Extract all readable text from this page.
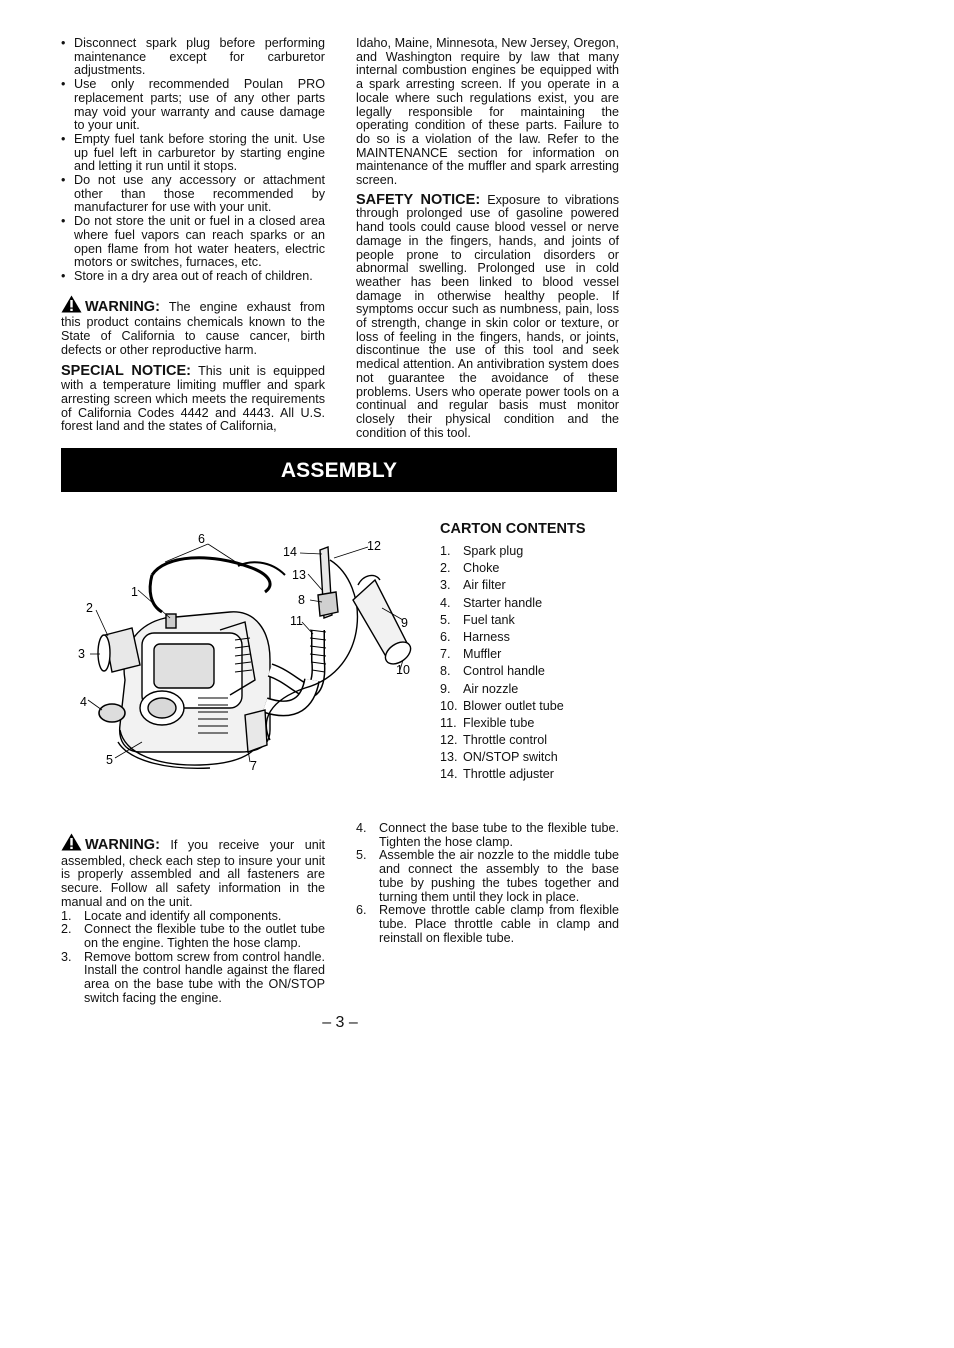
• Disconnect spark plug before performing maintenance except for carburetor adjustments.
• Use only recommended Poulan PRO replacement parts; use of any other parts may void your warranty and cause damage to your unit.
• Empty fuel tank before storing the unit. Use up fuel left in carburetor by starting engine and letting it run until it stops.
• Do not use any accessory or attachment other than those recommended by manufacturer for use with your unit.
• Do not store the unit or fuel in a closed area where fuel vapors can reach sparks or an open flame from hot water heaters, electric motors or switches, furnaces, etc.
• Store in a dry area out of reach of children.

WARNING: The engine exhaust from this product contains chemicals known to the State of California to cause cancer, birth defects or other reproductive harm.

SPECIAL NOTICE: This unit is equipped with a temperature limiting muffler and spark arresting screen which meets the requirements of California Codes 4442 and 4443. All U.S. forest land and the states of California,

Idaho, Maine, Minnesota, New Jersey, Oregon, and Washington require by law that many internal combustion engines be equipped with a spark arresting screen. If you operate in a locale where such regulations exist, you are legally responsible for maintaining the operating condition of these parts. Failure to do so is a violation of the law. Refer to the MAINTENANCE section for information on maintenance of the muffler and spark arresting screen.

SAFETY NOTICE: Exposure to vibrations through prolonged use of gasoline powered hand tools could cause blood vessel or nerve damage in the fingers, hands, and joints of people prone to circulation disorders or abnormal swelling. Prolonged use in cold weather has been linked to blood vessel damage in otherwise healthy people. If symptoms occur such as numbness, pain, loss of strength, change in skin color or texture, or loss of feeling in the fingers, hands, or joints, discontinue the use of this tool and seek medical attention. An antivibration system does not guarantee the avoidance of these problems. Users who operate power tools on a continual and regular basis must monitor closely their physical condition and the condition of this tool.

ASSEMBLY
6
1
2
3
4
5	7
8
9
10
11
12
13
14
CARTON CONTENTS
1. Spark plug
2. Choke
3. Air filter
4. Starter handle
5. Fuel tank
6. Harness
7. Muffler
8. Control handle
9. Air nozzle
10. Blower outlet tube
11. Flexible tube
12. Throttle control
13. ON/STOP switch
14. Throttle adjuster

WARNING: If you receive your unit assembled, check each step to insure your unit is properly assembled and all fasteners are secure. Follow all safety information in the manual and on the unit.

1. Locate and identify all components.
2. Connect the flexible tube to the outlet tube on the engine. Tighten the hose clamp.
3. Remove bottom screw from control handle. Install the control handle against the flared area on the base tube with the ON/STOP switch facing the engine.
4. Connect the base tube to the flexible tube. Tighten the hose clamp.
5. Assemble the air nozzle to the middle tube and connect the assembly to the base tube by pushing the tubes together and turning them until they lock in place.
6. Remove throttle cable clamp from flexible tube. Place throttle cable in clamp and reinstall on flexible tube.
– 3 –
